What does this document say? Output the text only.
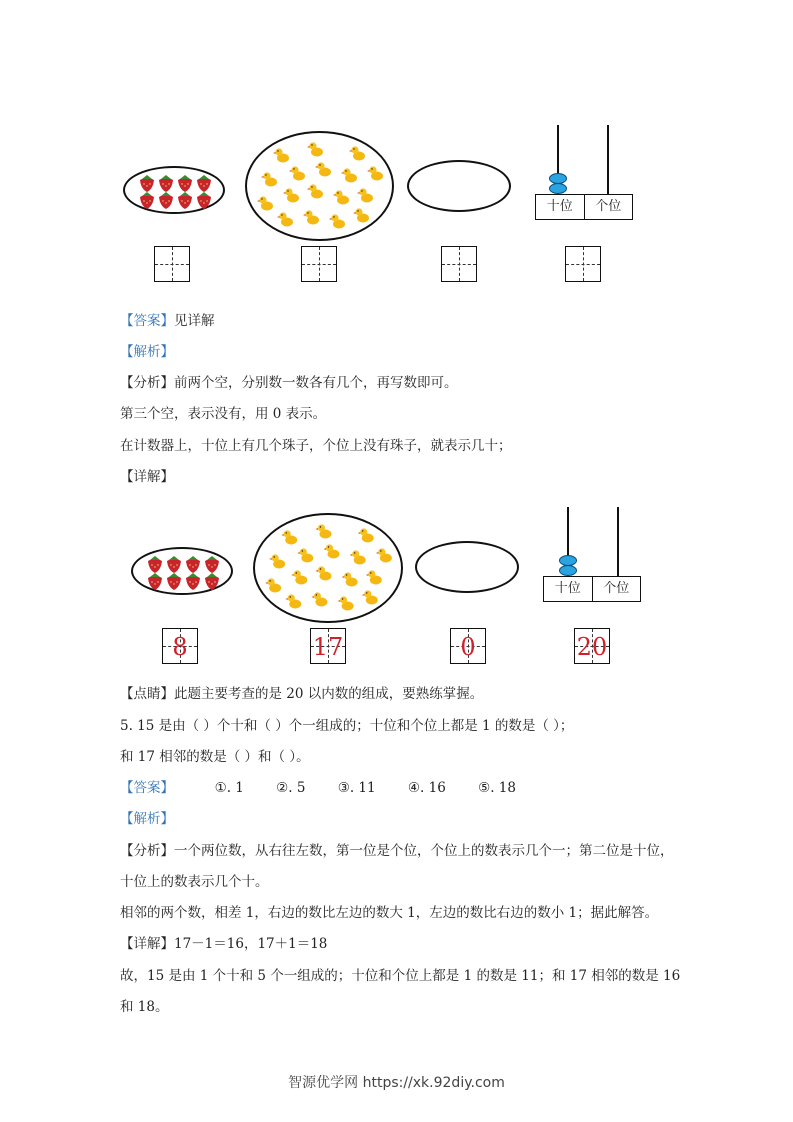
十位	个位
【答案】见详解
【解析】
【分析】前两个空，分别数一数各有几个，再写数即可。
第三个空，表示没有，用 0 表示。
在计数器上，十位上有几个珠子，个位上没有珠子，就表示几十；
【详解】
十位	个位
8	17	0	20
【点睛】此题主要考查的是 20 以内数的组成，要熟练掌握。
5. 15 是由（ ）个十和（ ）个一组成的；十位和个位上都是 1 的数是（ ）；
和 17 相邻的数是（ ）和（ ）。
【答案】	①. 1 ②. 5 ③. 11 ④. 16 ⑤. 18
【解析】
【分析】一个两位数，从右往左数，第一位是个位，个位上的数表示几个一；第二位是十位，
十位上的数表示几个十。
相邻的两个数，相差 1，右边的数比左边的数大 1，左边的数比右边的数小 1；据此解答。
【详解】17－1＝16，17＋1＝18
故，15 是由 1 个十和 5 个一组成的；十位和个位上都是 1 的数是 11；和 17 相邻的数是 16
和 18。
智源优学网 https://xk.92diy.com
